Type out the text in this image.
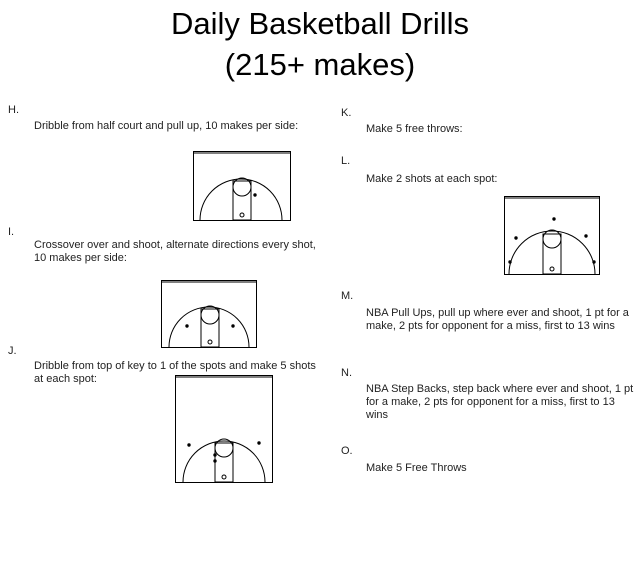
Daily Basketball Drills
(215+ makes)
H.
Dribble from half court and pull up, 10 makes per side:
I.
Crossover over and shoot, alternate directions every shot, 10 makes per side:
J.
Dribble from top of key to 1 of the spots and make 5 shots at each spot:
K.
Make 5 free throws:
L.
Make 2 shots at each spot:
M.
NBA Pull Ups, pull up where ever and shoot, 1 pt for a make, 2 pts for opponent for a miss, first to 13 wins
N.
NBA Step Backs, step back where ever and shoot, 1 pt for a make, 2 pts for opponent for a miss, first to 13 wins
O.
Make 5 Free Throws
